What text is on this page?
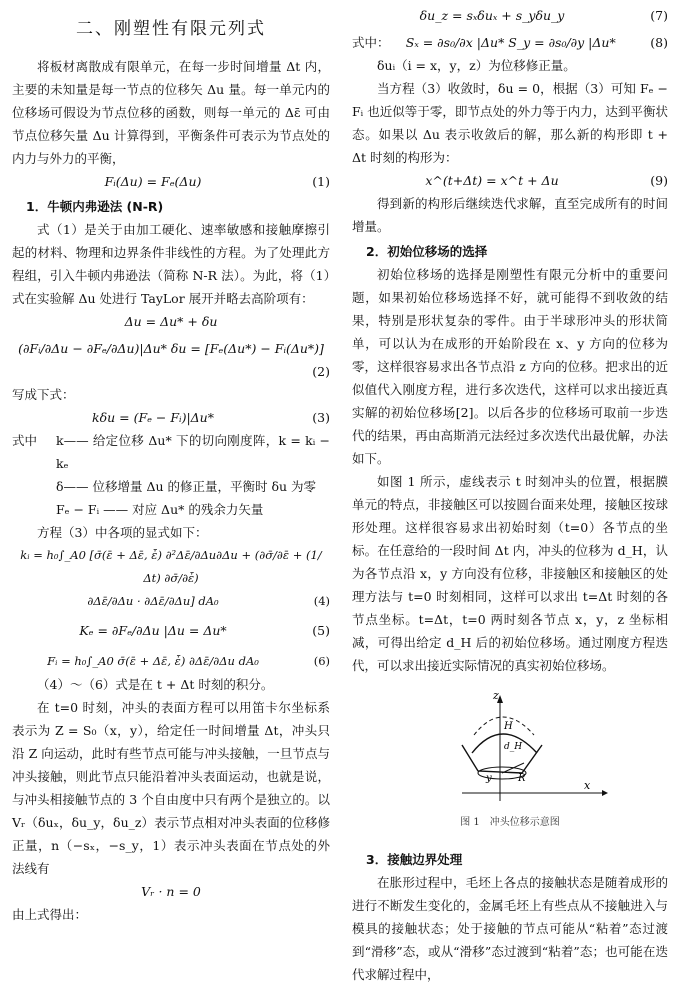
二、刚塑性有限元列式

将板材离散成有限单元，在每一步时间增量 Δt 内，主要的未知量是每一节点的位移矢 Δu 量。每一单元内的位移场可假设为节点位移的函数，则每一单元的 Δε̄ 可由节点位移矢量 Δu 计算得到，平衡条件可表示为节点处的内力与外力的平衡，

Fᵢ(Δu) = Fₑ(Δu)	(1)
1．牛顿内弗逊法 (N-R)

式（1）是关于由加工硬化、速率敏感和接触摩擦引起的材料、物理和边界条件非线性的方程。为了处理此方程组，引入牛顿内弗逊法（简称 N-R 法）。为此，将（1）式在实验解 Δu 处进行 TayLor 展开并略去高阶项有：

Δu = Δu* + δu
(∂Fᵢ/∂Δu − ∂Fₑ/∂Δu)|Δu* δu = [Fₑ(Δu*) − Fᵢ(Δu*)]
(2)

写成下式：

kδu = (Fₑ − Fᵢ)|Δu*	(3)
式中	k—— 给定位移 Δu* 下的切向刚度阵，k = kᵢ − kₑ

δ—— 位移增量 Δu 的修正量，平衡时 δu 为零

Fₑ − Fᵢ —— 对应 Δu* 的残余力矢量

方程（3）中各项的显式如下：

kᵢ = h₀∫_A0 [σ̄(ε̄ + Δε̄, ε̇̄) ∂²Δε̄/∂Δu∂Δu + (∂σ̄/∂ε̄ + (1/Δt) ∂σ̄/∂ε̇̄)
∂Δε̄/∂Δu · ∂Δε̄/∂Δu] dA₀	(4)
Kₑ = ∂Fₑ/∂Δu |Δu = Δu*	(5)
Fᵢ = h₀∫_A0 σ̄(ε̄ + Δε̄, ε̇̄) ∂Δε̄/∂Δu dA₀	(6)

（4）～（6）式是在 t + Δt 时刻的积分。

在 t=0 时刻，冲头的表面方程可以用笛卡尔坐标系表示为 Z = S₀（x，y），给定任一时间增量 Δt，冲头只沿 Z 向运动，此时有些节点可能与冲头接触，一旦节点与冲头接触，则此节点只能沿着冲头表面运动，也就是说，与冲头相接触节点的 3 个自由度中只有两个是独立的。以 Vᵣ（δuₓ，δu_y，δu_z）表示节点相对冲头表面的位移修正量，n（−sₓ，−s_y，1）表示冲头表面在节点处的外法线有

Vᵣ · n = 0

由上式得出：

δu_z = sₓδuₓ + s_yδu_y	(7)
式中：	Sₓ = ∂s₀/∂x |Δu* S_y = ∂s₀/∂y |Δu*	(8)

δuᵢ（i = x，y，z）为位移修正量。

当方程（3）收敛时，δu = 0，根据（3）可知 Fₑ − Fᵢ 也近似等于零，即节点处的外力等于内力，达到平衡状态。如果以 Δu 表示收敛后的解，那么新的构形即 t + Δt 时刻的构形为：

x^(t+Δt) = x^t + Δu	(9)

得到新的构形后继续迭代求解，直至完成所有的时间增量。

2．初始位移场的选择

初始位移场的选择是刚塑性有限元分析中的重要问题，如果初始位移场选择不好，就可能得不到收敛的结果，特别是形状复杂的零件。由于半球形冲头的形状简单，可以认为在成形的开始阶段在 x、y 方向的位移为零，这样很容易求出各节点沿 z 方向的位移。把求出的近似值代入刚度方程，进行多次迭代，这样可以求出接近真实解的初始位移场[2]。以后各步的位移场可取前一步迭代的结果，再由高斯消元法经过多次迭代出最优解，办法如下。

如图 1 所示，虚线表示 t 时刻冲头的位置，根据膜单元的特点，非接触区可以按圆台面来处理，接触区按球形处理。这样很容易求出初始时刻（t=0）各节点的坐标。在任意给的一段时间 Δt 内，冲头的位移为 d_H，认为各节点沿 x，y 方向没有位移，非接触区和接触区的处理方法与 t=0 时刻相同，这样可以求出 t=Δt 时刻的各节点坐标。t=Δt，t=0 两时刻各节点 x，y，z 坐标相减，可得出给定 d_H 后的初始位移场。通过刚度方程迭代，可以求出接近实际情况的真实初始位移场。

z
H
d_H
y	R
x
图 1　冲头位移示意图
3．接触边界处理

在胀形过程中，毛坯上各点的接触状态是随着成形的进行不断发生变化的，金属毛坯上有些点从不接触进入与模具的接触状态；处于接触的节点可能从“粘着”态过渡到“滑移”态，或从“滑移”态过渡到“粘着”态；也可能在迭代求解过程中，
